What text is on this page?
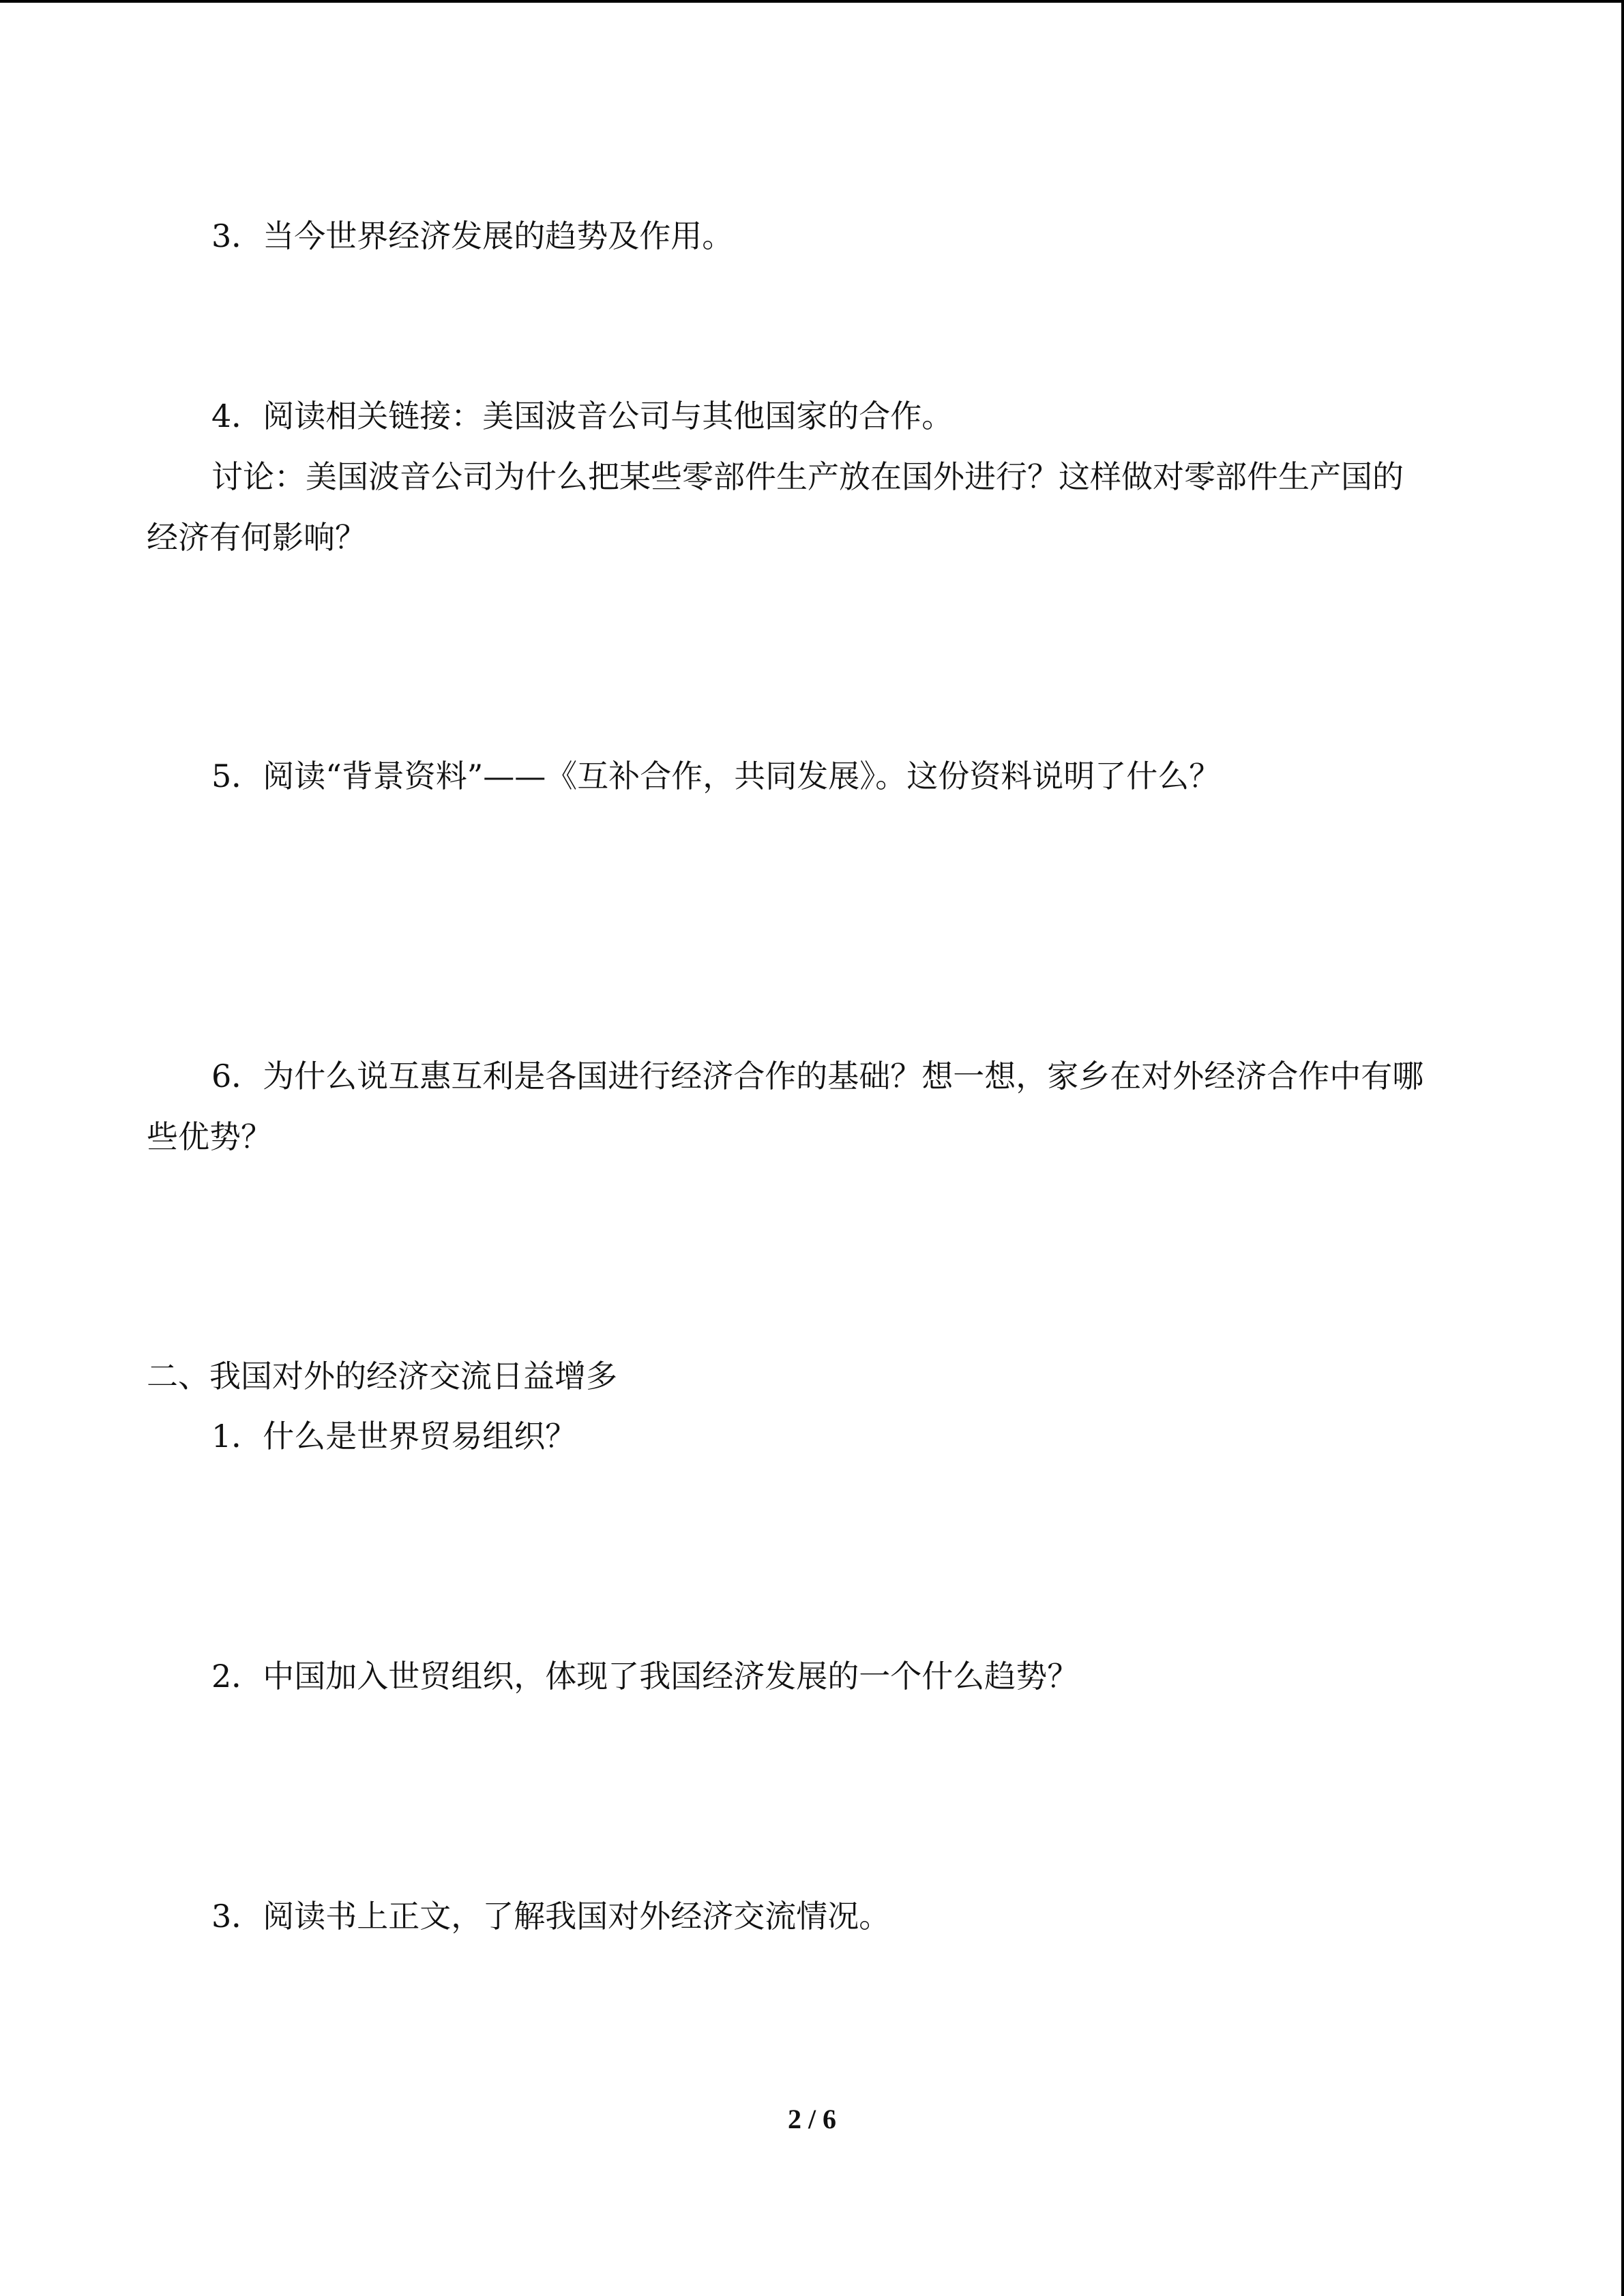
3．当今世界经济发展的趋势及作用。
4．阅读相关链接：美国波音公司与其他国家的合作。
讨论：美国波音公司为什么把某些零部件生产放在国外进行？这样做对零部件生产国的
经济有何影响？
5．阅读“背景资料”——《互补合作，共同发展》。这份资料说明了什么？
6．为什么说互惠互利是各国进行经济合作的基础？想一想，家乡在对外经济合作中有哪
些优势？
二、我国对外的经济交流日益增多
1．什么是世界贸易组织？
2．中国加入世贸组织，体现了我国经济发展的一个什么趋势？
3．阅读书上正文，了解我国对外经济交流情况。
2 / 6
